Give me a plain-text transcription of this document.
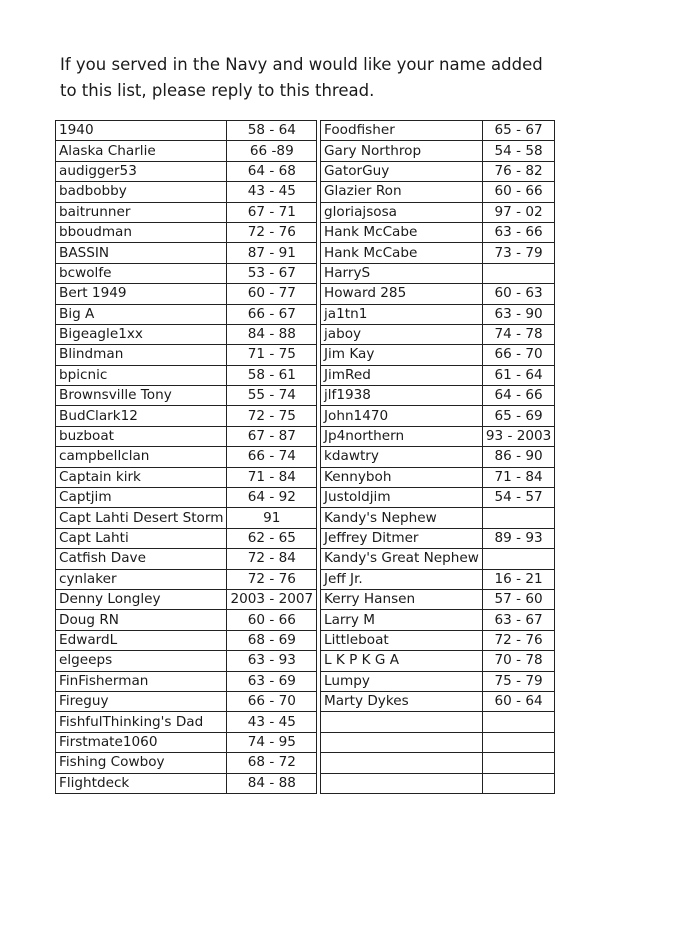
If you served in the Navy and would like your name added to this list, please reply to this thread.

1940	58 - 64
Alaska Charlie	66 -89
audigger53	64 - 68
badbobby	43 - 45
baitrunner	67 - 71
bboudman	72 - 76
BASSIN	87 - 91
bcwolfe	53 - 67
Bert 1949	60 - 77
Big A	66 - 67
Bigeagle1xx	84 - 88
Blindman	71 - 75
bpicnic	58 - 61
Brownsville Tony	55 - 74
BudClark12	72 - 75
buzboat	67 - 87
campbellclan	66 - 74
Captain kirk	71 - 84
Captjim	64 - 92
Capt Lahti Desert Storm	91
Capt Lahti	62 - 65
Catfish Dave	72 - 84
cynlaker	72 - 76
Denny Longley	2003 - 2007
Doug RN	60 - 66
EdwardL	68 - 69
elgeeps	63 - 93
FinFisherman	63 - 69
Fireguy	66 - 70
FishfulThinking's Dad	43 - 45
Firstmate1060	74 - 95
Fishing Cowboy	68 - 72
Flightdeck	84 - 88
Foodfisher	65 - 67
Gary Northrop	54 - 58
GatorGuy	76 - 82
Glazier Ron	60 - 66
gloriajsosa	97 - 02
Hank McCabe	63 - 66
Hank McCabe	73 - 79
HarryS	
Howard 285	60 - 63
ja1tn1	63 - 90
jaboy	74 - 78
Jim Kay	66 - 70
JimRed	61 - 64
jlf1938	64 - 66
John1470	65 - 69
Jp4northern	93 - 2003
kdawtry	86 - 90
Kennyboh	71 - 84
Justoldjim	54 - 57
Kandy's Nephew	
Jeffrey Ditmer	89 - 93
Kandy's Great Nephew	
Jeff Jr.	16 - 21
Kerry Hansen	57 - 60
Larry M	63 - 67
Littleboat	72 - 76
L K P K G A	70 - 78
Lumpy	75 - 79
Marty Dykes	60 - 64
